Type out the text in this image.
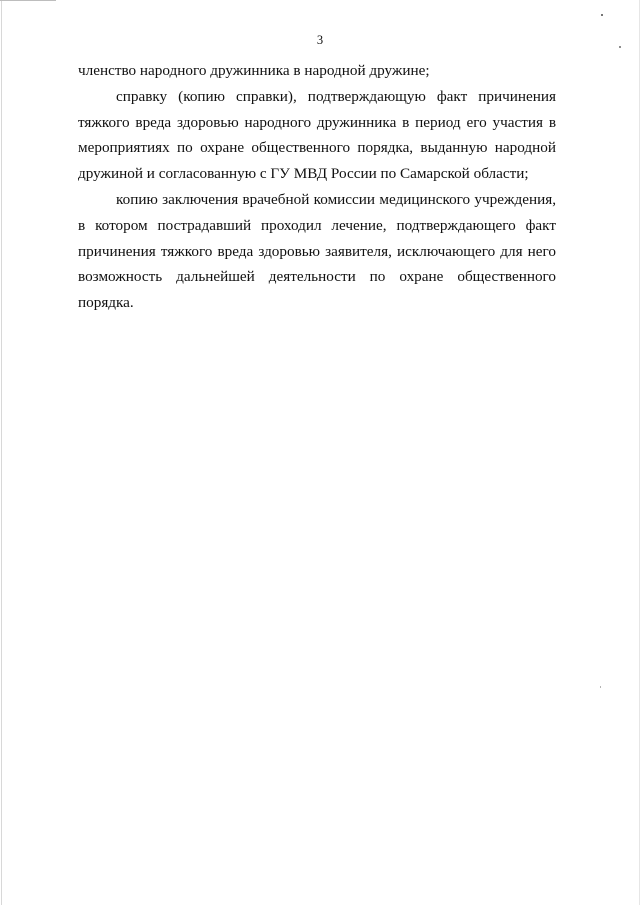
3

членство народного дружинника в народной дружине;

справку (копию справки), подтверждающую факт причинения тяжкого вреда здоровью народного дружинника в период его участия в мероприятиях по охране общественного порядка, выданную народной дружиной и согласованную с ГУ МВД России по Самарской области;

копию заключения врачебной комиссии медицинского учреждения, в котором пострадавший проходил лечение, подтверждающего факт причинения тяжкого вреда здоровью заявителя, исключающего для него возможность дальнейшей деятельности по охране общественного порядка.
